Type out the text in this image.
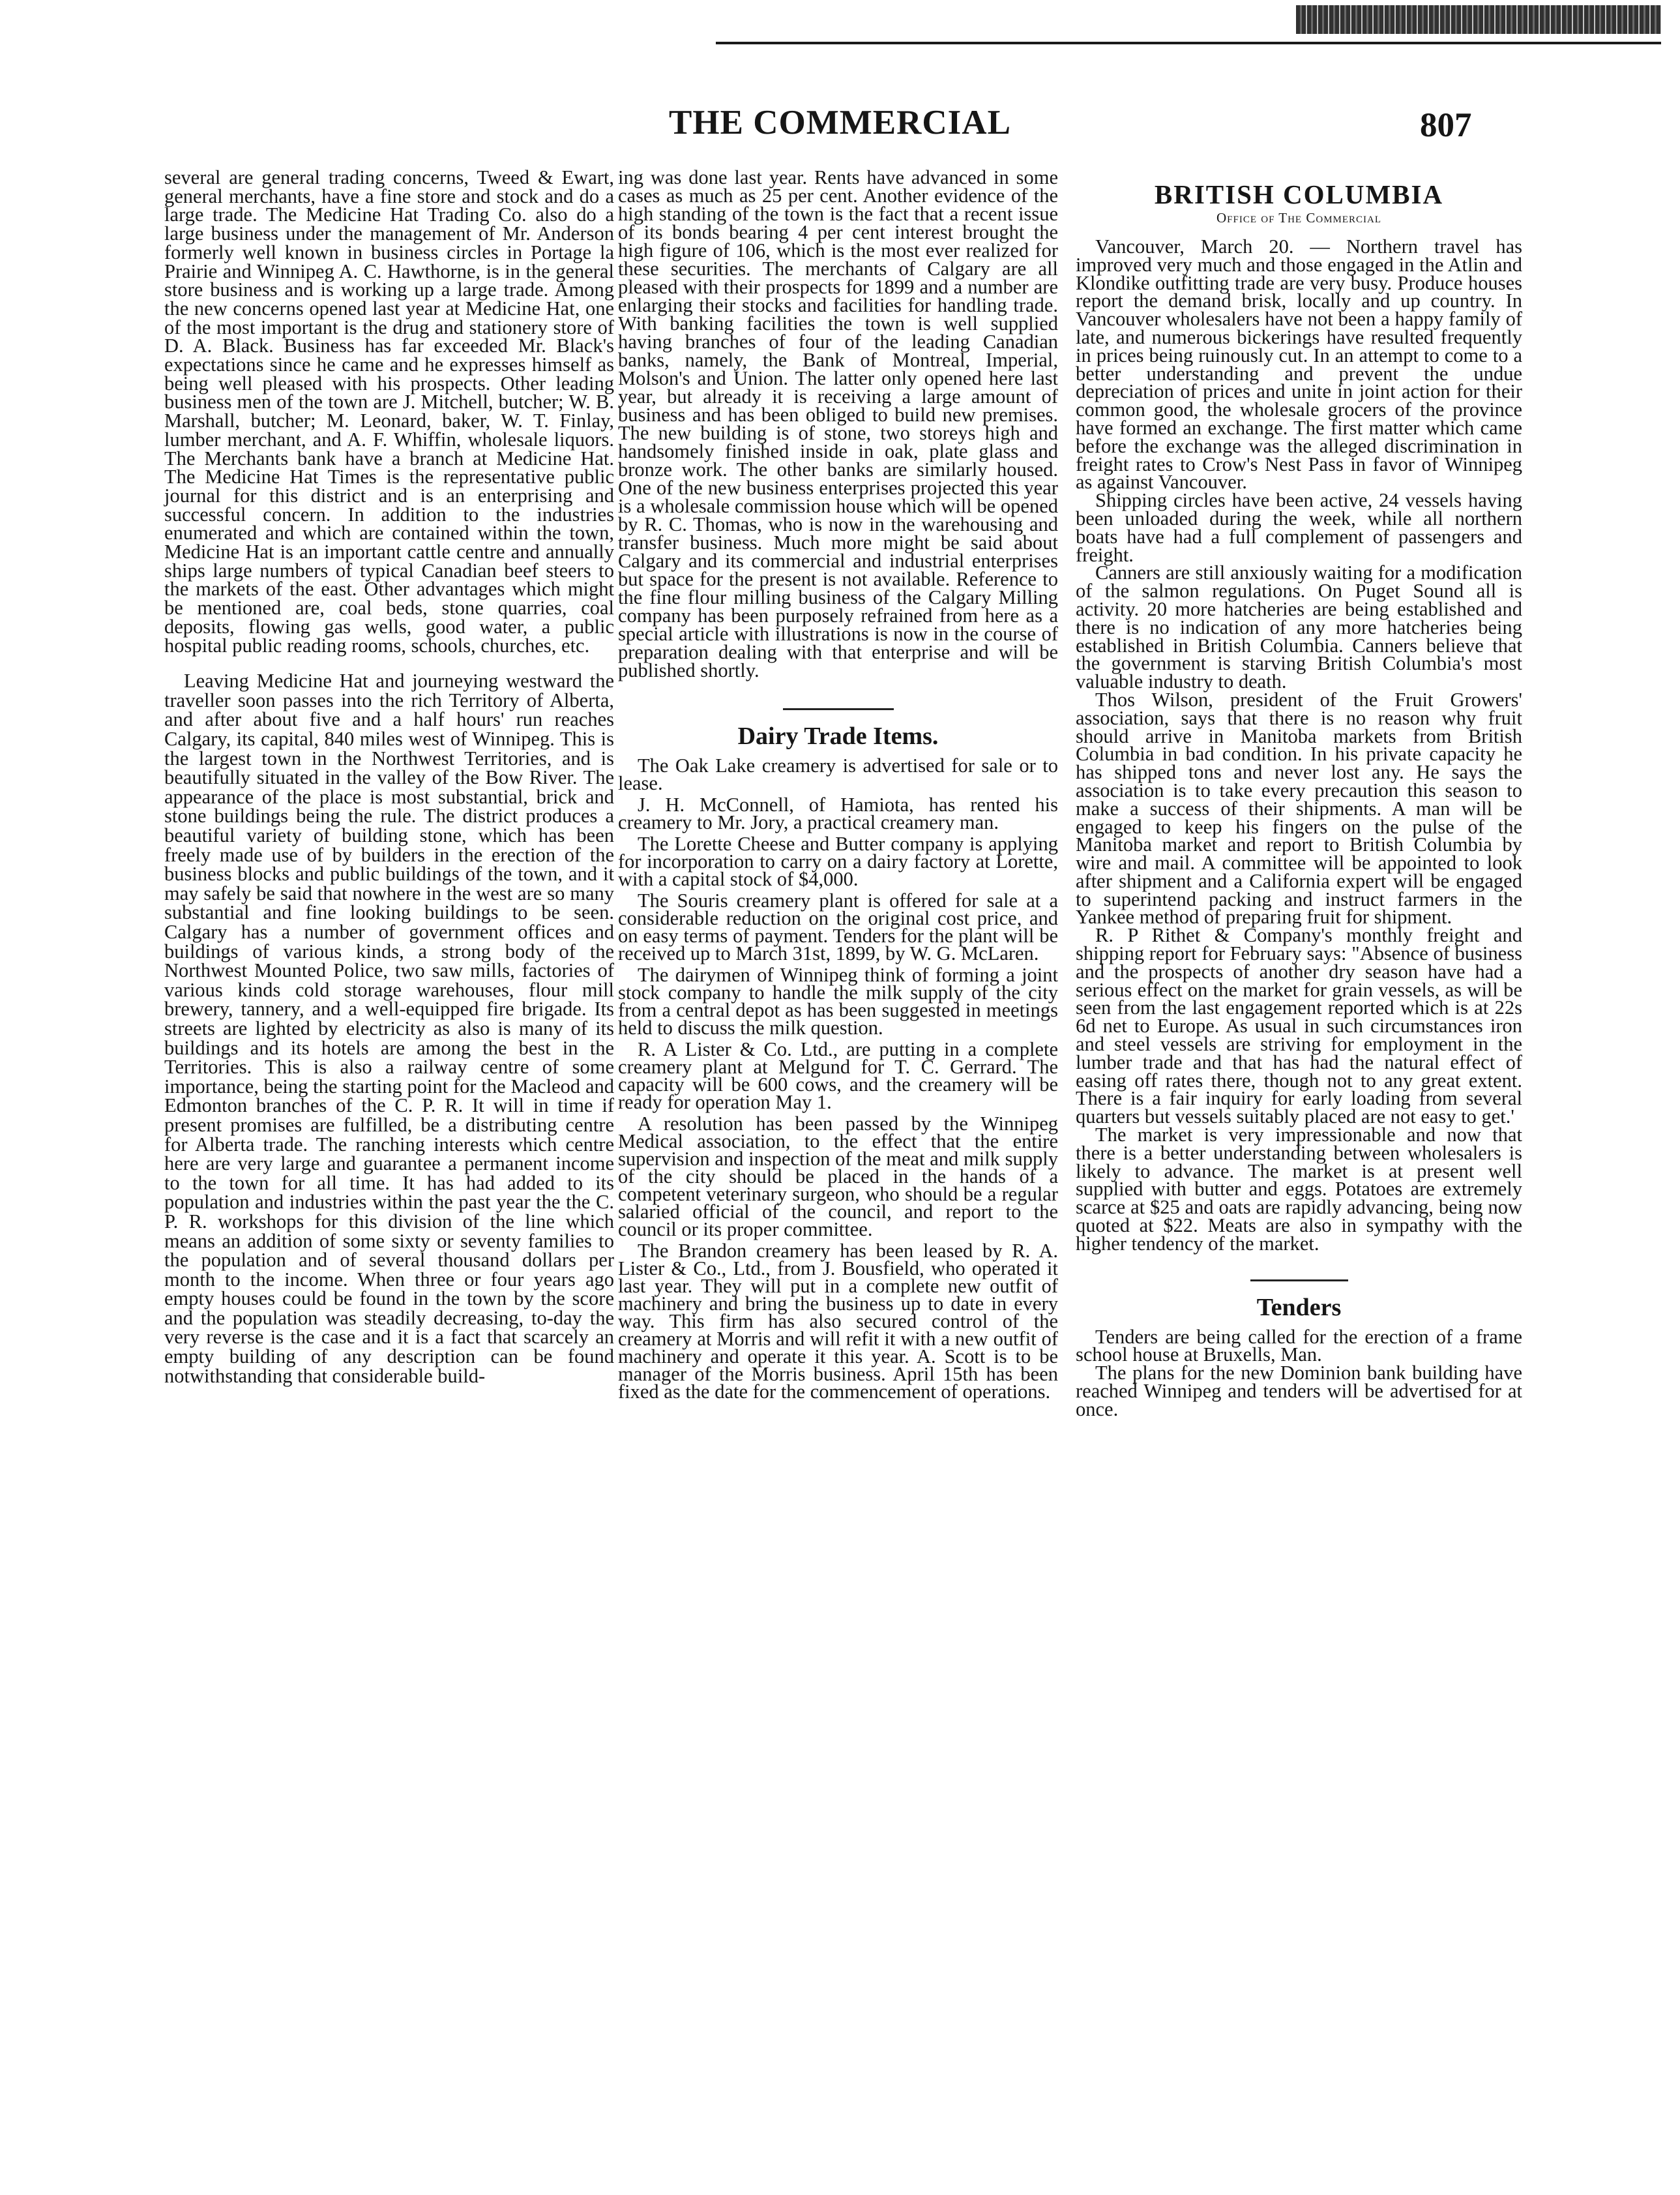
THE COMMERCIAL	807

several are general trading concerns, Tweed & Ewart, general merchants, have a fine store and stock and do a large trade. The Medicine Hat Trading Co. also do a large business under the management of Mr. Anderson formerly well known in business circles in Portage la Prairie and Winnipeg A. C. Hawthorne, is in the general store business and is working up a large trade. Among the new concerns opened last year at Medicine Hat, one of the most important is the drug and stationery store of D. A. Black. Business has far exceeded Mr. Black's expectations since he came and he expresses himself as being well pleased with his prospects. Other leading business men of the town are J. Mitchell, butcher; W. B. Marshall, butcher; M. Leonard, baker, W. T. Finlay, lumber merchant, and A. F. Whiffin, wholesale liquors. The Merchants bank have a branch at Medicine Hat. The Medicine Hat Times is the representative public journal for this district and is an enterprising and successful concern. In addition to the industries enumerated and which are contained within the town, Medicine Hat is an important cattle centre and annually ships large numbers of typical Canadian beef steers to the markets of the east. Other advantages which might be mentioned are, coal beds, stone quarries, coal deposits, flowing gas wells, good water, a public hospital public reading rooms, schools, churches, etc.

Leaving Medicine Hat and journeying westward the traveller soon passes into the rich Territory of Alberta, and after about five and a half hours' run reaches Calgary, its capital, 840 miles west of Winnipeg. This is the largest town in the Northwest Territories, and is beautifully situated in the valley of the Bow River. The appearance of the place is most substantial, brick and stone buildings being the rule. The district produces a beautiful variety of building stone, which has been freely made use of by builders in the erection of the business blocks and public buildings of the town, and it may safely be said that nowhere in the west are so many substantial and fine looking buildings to be seen. Calgary has a number of government offices and buildings of various kinds, a strong body of the Northwest Mounted Police, two saw mills, factories of various kinds cold storage warehouses, flour mill brewery, tannery, and a well-equipped fire brigade. Its streets are lighted by electricity as also is many of its buildings and its hotels are among the best in the Territories. This is also a railway centre of some importance, being the starting point for the Macleod and Edmonton branches of the C. P. R. It will in time if present promises are fulfilled, be a distributing centre for Alberta trade. The ranching interests which centre here are very large and guarantee a permanent income to the town for all time. It has had added to its population and industries within the past year the the C. P. R. workshops for this division of the line which means an addition of some sixty or seventy families to the population and of several thousand dollars per month to the income. When three or four years ago empty houses could be found in the town by the score and the population was steadily decreasing, to-day the very reverse is the case and it is a fact that scarcely an empty building of any description can be found notwithstanding that considerable build-

ing was done last year. Rents have advanced in some cases as much as 25 per cent. Another evidence of the high standing of the town is the fact that a recent issue of its bonds bearing 4 per cent interest brought the high figure of 106, which is the most ever realized for these securities. The merchants of Calgary are all pleased with their prospects for 1899 and a number are enlarging their stocks and facilities for handling trade. With banking facilities the town is well supplied having branches of four of the leading Canadian banks, namely, the Bank of Montreal, Imperial, Molson's and Union. The latter only opened here last year, but already it is receiving a large amount of business and has been obliged to build new premises. The new building is of stone, two storeys high and handsomely finished inside in oak, plate glass and bronze work. The other banks are similarly housed. One of the new business enterprises projected this year is a wholesale commission house which will be opened by R. C. Thomas, who is now in the warehousing and transfer business. Much more might be said about Calgary and its commercial and industrial enterprises but space for the present is not available. Reference to the fine flour milling business of the Calgary Milling company has been purposely refrained from here as a special article with illustrations is now in the course of preparation dealing with that enterprise and will be published shortly.

Dairy Trade Items.

The Oak Lake creamery is advertised for sale or to lease.

J. H. McConnell, of Hamiota, has rented his creamery to Mr. Jory, a practical creamery man.

The Lorette Cheese and Butter company is applying for incorporation to carry on a dairy factory at Lorette, with a capital stock of $4,000.

The Souris creamery plant is offered for sale at a considerable reduction on the original cost price, and on easy terms of payment. Tenders for the plant will be received up to March 31st, 1899, by W. G. McLaren.

The dairymen of Winnipeg think of forming a joint stock company to handle the milk supply of the city from a central depot as has been suggested in meetings held to discuss the milk question.

R. A Lister & Co. Ltd., are putting in a complete creamery plant at Melgund for T. C. Gerrard. The capacity will be 600 cows, and the creamery will be ready for operation May 1.

A resolution has been passed by the Winnipeg Medical association, to the effect that the entire supervision and inspection of the meat and milk supply of the city should be placed in the hands of a competent veterinary surgeon, who should be a regular salaried official of the council, and report to the council or its proper committee.

The Brandon creamery has been leased by R. A. Lister & Co., Ltd., from J. Bousfield, who operated it last year. They will put in a complete new outfit of machinery and bring the business up to date in every way. This firm has also secured control of the creamery at Morris and will refit it with a new outfit of machinery and operate it this year. A. Scott is to be manager of the Morris business. April 15th has been fixed as the date for the commencement of operations.

BRITISH COLUMBIA
Office of The Commercial

Vancouver, March 20. — Northern travel has improved very much and those engaged in the Atlin and Klondike outfitting trade are very busy. Produce houses report the demand brisk, locally and up country. In Vancouver wholesalers have not been a happy family of late, and numerous bickerings have resulted frequently in prices being ruinously cut. In an attempt to come to a better understanding and prevent the undue depreciation of prices and unite in joint action for their common good, the wholesale grocers of the province have formed an exchange. The first matter which came before the exchange was the alleged discrimination in freight rates to Crow's Nest Pass in favor of Winnipeg as against Vancouver.

Shipping circles have been active, 24 vessels having been unloaded during the week, while all northern boats have had a full complement of passengers and freight.

Canners are still anxiously waiting for a modification of the salmon regulations. On Puget Sound all is activity. 20 more hatcheries are being established and there is no indication of any more hatcheries being established in British Columbia. Canners believe that the government is starving British Columbia's most valuable industry to death.

Thos Wilson, president of the Fruit Growers' association, says that there is no reason why fruit should arrive in Manitoba markets from British Columbia in bad condition. In his private capacity he has shipped tons and never lost any. He says the association is to take every precaution this season to make a success of their shipments. A man will be engaged to keep his fingers on the pulse of the Manitoba market and report to British Columbia by wire and mail. A committee will be appointed to look after shipment and a California expert will be engaged to superintend packing and instruct farmers in the Yankee method of preparing fruit for shipment.

R. P Rithet & Company's monthly freight and shipping report for February says: "Absence of business and the prospects of another dry season have had a serious effect on the market for grain vessels, as will be seen from the last engagement reported which is at 22s 6d net to Europe. As usual in such circumstances iron and steel vessels are striving for employment in the lumber trade and that has had the natural effect of easing off rates there, though not to any great extent. There is a fair inquiry for early loading from several quarters but vessels suitably placed are not easy to get.'

The market is very impressionable and now that there is a better understanding between wholesalers is likely to advance. The market is at present well supplied with butter and eggs. Potatoes are extremely scarce at $25 and oats are rapidly advancing, being now quoted at $22. Meats are also in sympathy with the higher tendency of the market.

Tenders

Tenders are being called for the erection of a frame school house at Bruxells, Man.

The plans for the new Dominion bank building have reached Winnipeg and tenders will be advertised for at once.
